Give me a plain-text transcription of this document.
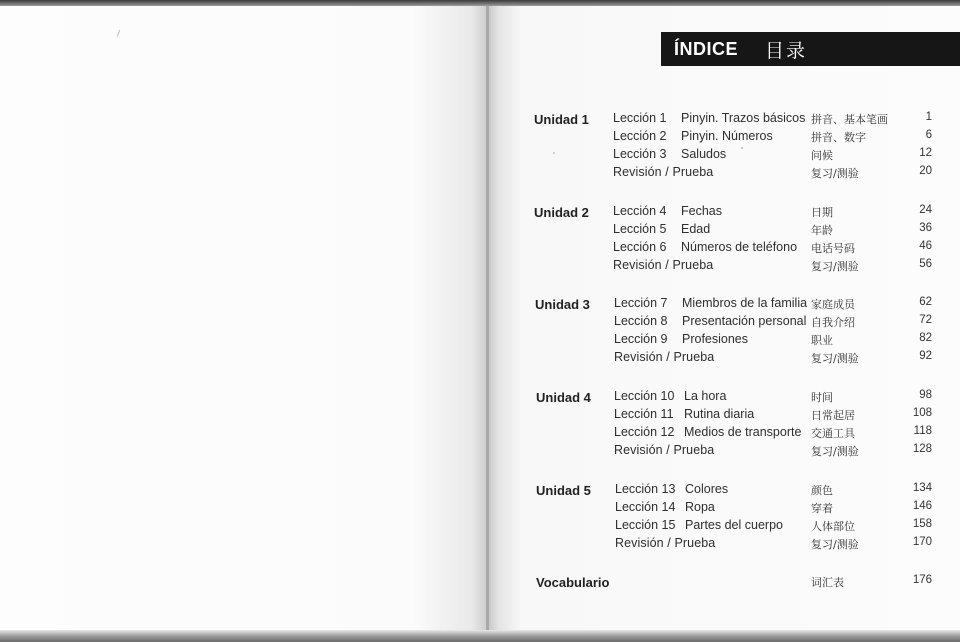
ÍNDICE 目录
Unidad 1 Lección 1 Pinyin. Trazos básicos 拼音、基本笔画	1
Lección 2 Pinyin. Números	拼音、数字	6
Lección 3 Saludos	问候	12
Revisión / Prueba	复习/测验	20
Unidad 2 Lección 4 Fechas	日期	24
Lección 5 Edad	年龄	36
Lección 6 Números de teléfono 电话号码	46
Revisión / Prueba	复习/测验	56
Unidad 3 Lección 7 Miembros de la familia 家庭成员	62
Lección 8 Presentación personal 自我介绍	72
Lección 9 Profesiones	职业	82
Revisión / Prueba	复习/测验	92
Unidad 4 Lección 10 La hora	时间	98
Lección 11 Rutina diaria	日常起居	108
Lección 12 Medios de transporte 交通工具	118
Revisión / Prueba	复习/测验	128
Unidad 5 Lección 13 Colores	颜色	134
Lección 14 Ropa	穿着	146
Lección 15 Partes del cuerpo	人体部位	158
Revisión / Prueba	复习/测验	170
Vocabulario	词汇表	176
